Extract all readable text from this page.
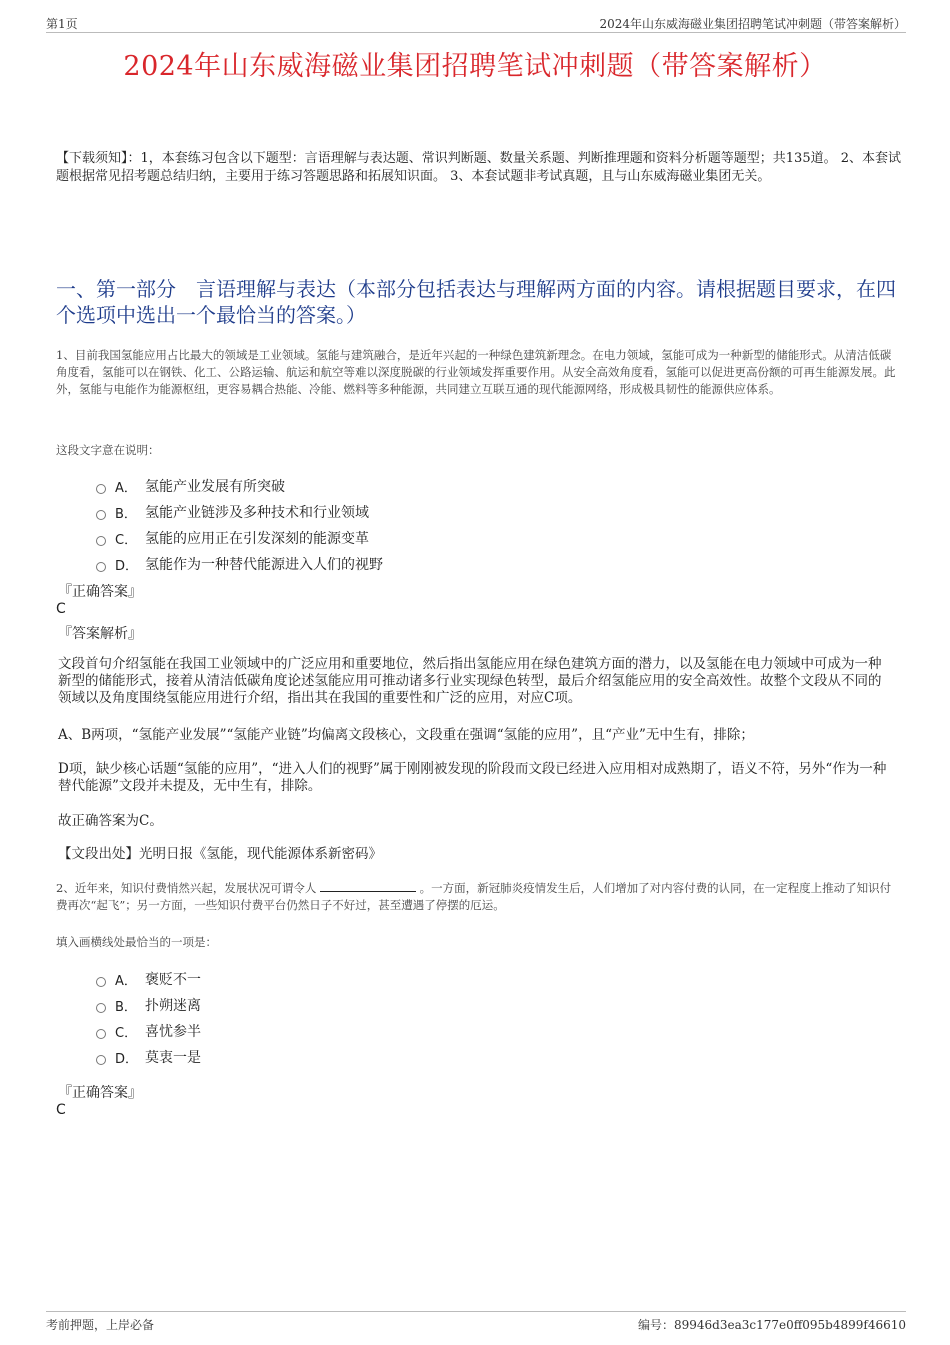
第1页	2024年山东威海磁业集团招聘笔试冲刺题（带答案解析）
2024年山东威海磁业集团招聘笔试冲刺题（带答案解析）

【下载须知】：1，本套练习包含以下题型：言语理解与表达题、常识判断题、数量关系题、判断推理题和资料分析题等题型；共135道。 2、本套试题根据常见招考题总结归纳，主要用于练习答题思路和拓展知识面。 3、本套试题非考试真题，且与山东威海磁业集团无关。

一、第一部分　言语理解与表达（本部分包括表达与理解两方面的内容。请根据题目要求，在四个选项中选出一个最恰当的答案。）

1、目前我国氢能应用占比最大的领域是工业领域。氢能与建筑融合，是近年兴起的一种绿色建筑新理念。在电力领域，氢能可成为一种新型的储能形式。从清洁低碳角度看，氢能可以在钢铁、化工、公路运输、航运和航空等难以深度脱碳的行业领域发挥重要作用。从安全高效角度看，氢能可以促进更高份额的可再生能源发展。此外，氢能与电能作为能源枢纽，更容易耦合热能、冷能、燃料等多种能源，共同建立互联互通的现代能源网络，形成极具韧性的能源供应体系。

这段文字意在说明：

A． 氢能产业发展有所突破
B． 氢能产业链涉及多种技术和行业领域
C． 氢能的应用正在引发深刻的能源变革
D． 氢能作为一种替代能源进入人们的视野
『正确答案』
C
『答案解析』

文段首句介绍氢能在我国工业领域中的广泛应用和重要地位，然后指出氢能应用在绿色建筑方面的潜力，以及氢能在电力领域中可成为一种新型的储能形式，接着从清洁低碳角度论述氢能应用可推动诸多行业实现绿色转型，最后介绍氢能应用的安全高效性。故整个文段从不同的领域以及角度围绕氢能应用进行介绍，指出其在我国的重要性和广泛的应用，对应C项。

A、B两项，“氢能产业发展”“氢能产业链”均偏离文段核心，文段重在强调“氢能的应用”，且“产业”无中生有，排除；

D项，缺少核心话题“氢能的应用”，“进入人们的视野”属于刚刚被发现的阶段而文段已经进入应用相对成熟期了，语义不符，另外“作为一种替代能源”文段并未提及，无中生有，排除。

故正确答案为C。

【文段出处】光明日报《氢能，现代能源体系新密码》

2、近年来，知识付费悄然兴起，发展状况可谓令人	。一方面，新冠肺炎疫情发生后，人们增加了对内容付费的认同，在一定程度上推动了知识付费再次“起飞”；另一方面，一些知识付费平台仍然日子不好过，甚至遭遇了停摆的厄运。

填入画横线处最恰当的一项是：

A． 褒贬不一
B． 扑朔迷离
C． 喜忧参半
D． 莫衷一是
『正确答案』
C
考前押题，上岸必备	编号：89946d3ea3c177e0ff095b4899f46610
